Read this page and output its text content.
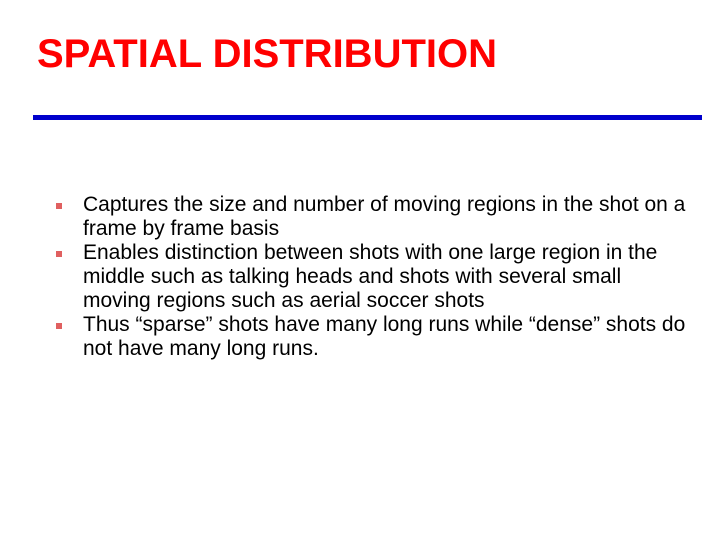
SPATIAL DISTRIBUTION
Captures the size and number of moving regions in the shot on a frame by frame basis
Enables distinction between shots with one large region in the middle such as talking heads and shots with several small moving regions such as aerial soccer shots
Thus “sparse” shots have many long runs while “dense” shots do not have many long runs.
